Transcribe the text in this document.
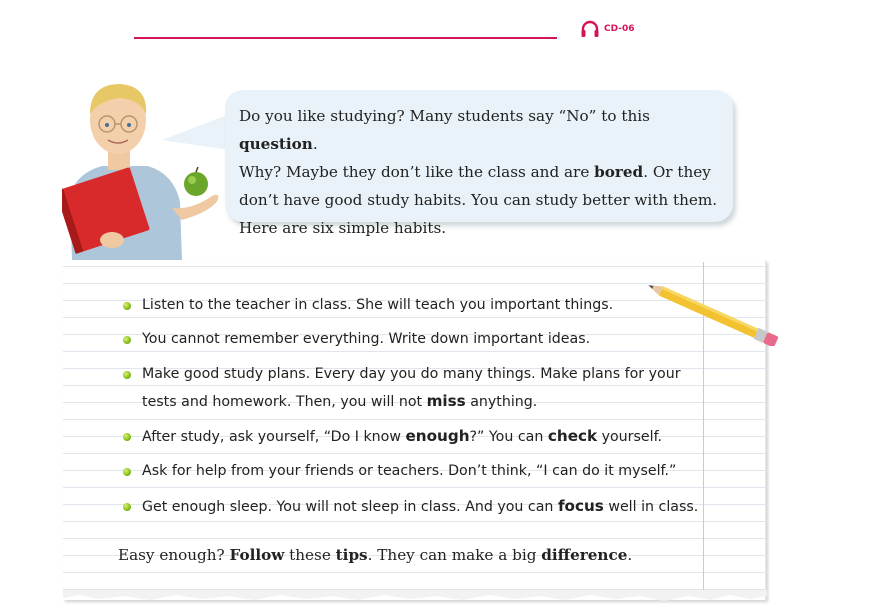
CD-06
Do you like studying? Many students say “No” to this question.
Why? Maybe they don’t like the class and are bored. Or they
don’t have good study habits. You can study better with them.
Here are six simple habits.
Listen to the teacher in class. She will teach you important things.
You cannot remember everything. Write down important ideas.
Make good study plans. Every day you do many things. Make plans for your
tests and homework. Then, you will not miss anything.
After study, ask yourself, “Do I know enough?” You can check yourself.
Ask for help from your friends or teachers. Don’t think, “I can do it myself.”
Get enough sleep. You will not sleep in class. And you can focus well in class.
Easy enough? Follow these tips. They can make a big difference.
